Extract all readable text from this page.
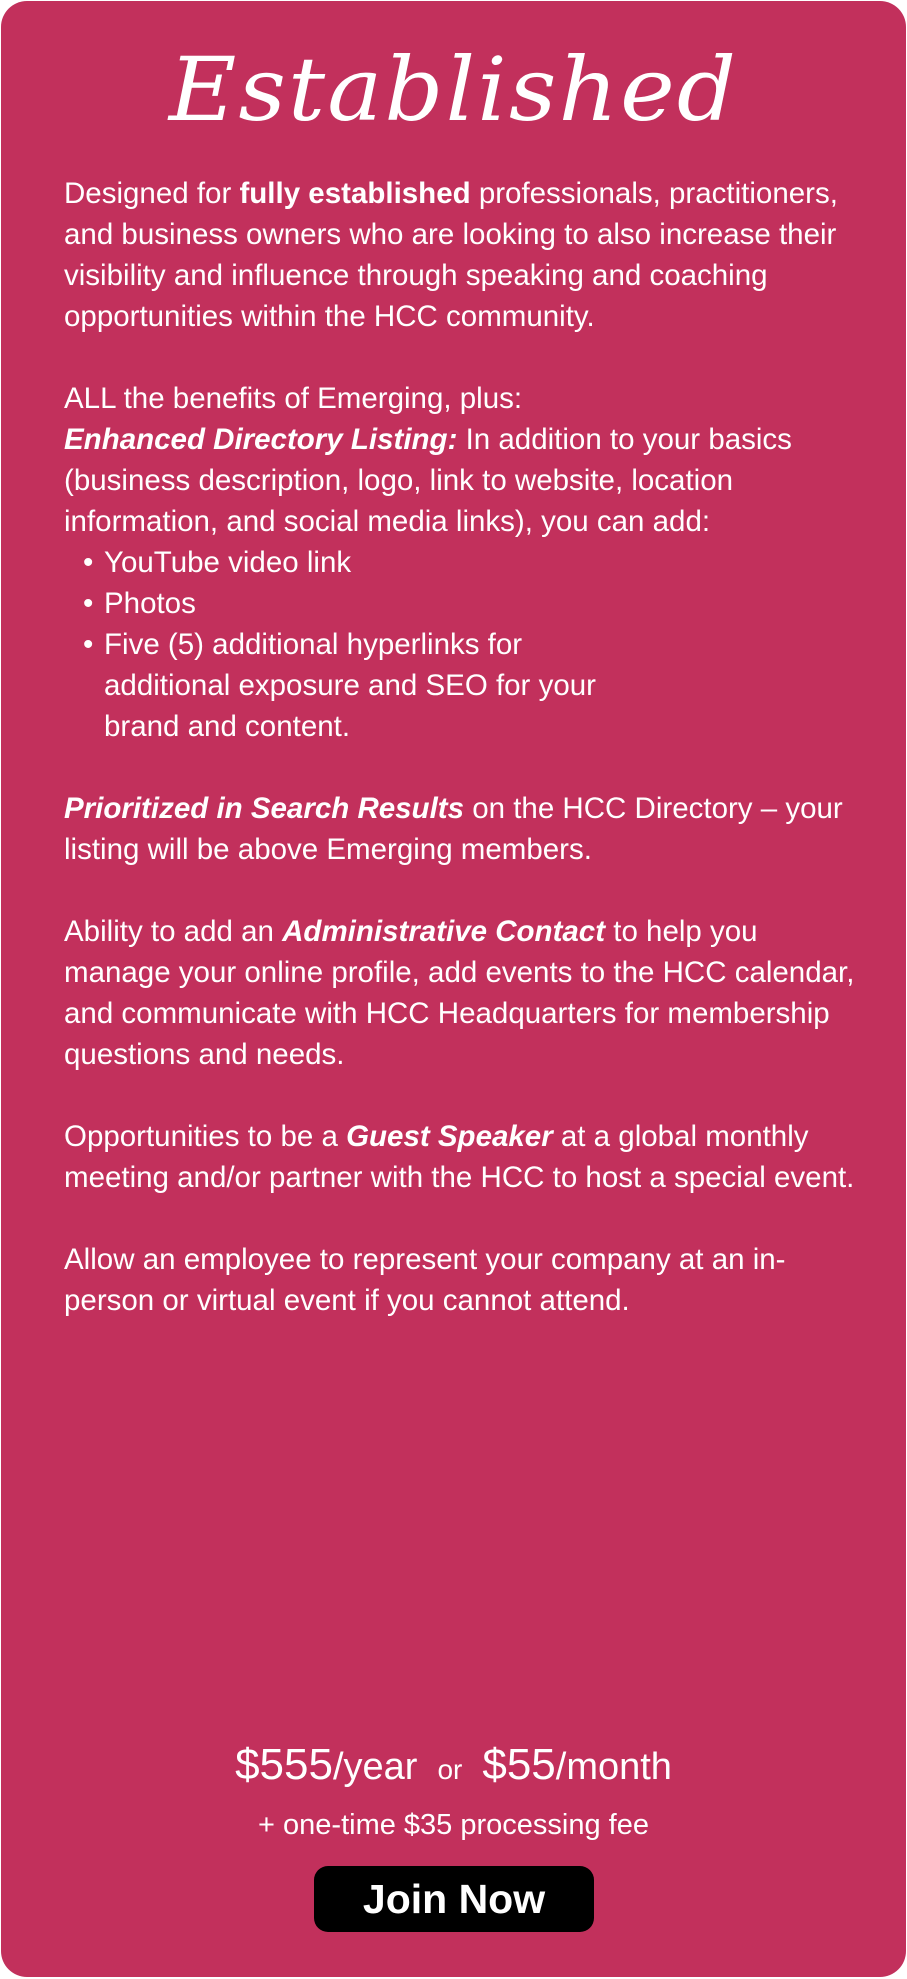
Established

Designed for fully established professionals, practitioners, and business owners who are looking to also increase their visibility and influence through speaking and coaching opportunities within the HCC community.

ALL the benefits of Emerging, plus:

Enhanced Directory Listing: In addition to your basics (business description, logo, link to website, location information, and social media links), you can add:

• YouTube video link
• Photos
• Five (5) additional hyperlinks for additional exposure and SEO for your brand and content.

Prioritized in Search Results on the HCC Directory – your listing will be above Emerging members.

Ability to add an Administrative Contact to help you manage your online profile, add events to the HCC calendar, and communicate with HCC Headquarters for membership questions and needs.

Opportunities to be a Guest Speaker at a global monthly meeting and/or partner with the HCC to host a special event.

Allow an employee to represent your company at an in-person or virtual event if you cannot attend.

$555/year or $55/month
+ one-time $35 processing fee
Join Now
